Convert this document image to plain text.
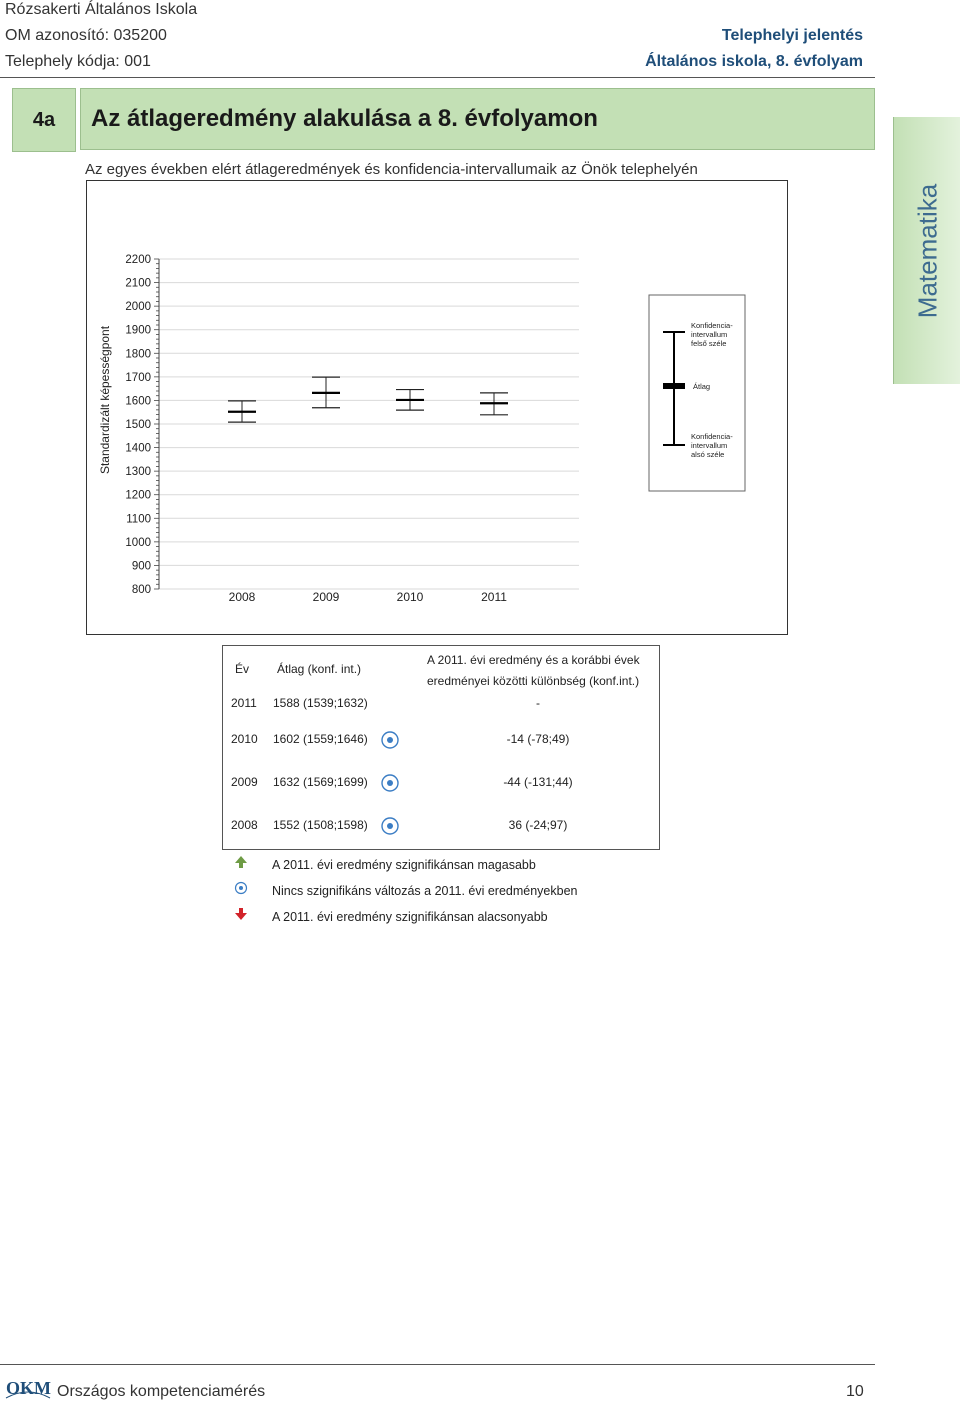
Rózsakerti Általános Iskola
OM azonosító: 035200
Telephely kódja: 001
Telephelyi jelentés
Általános iskola, 8. évfolyam
4a	Az átlageredmény alakulása a 8. évfolyamon
Matematika
Az egyes években elért átlageredmények és konfidencia-intervallumaik az Önök telephelyén
2200
2100
2000
1900
1800
1700
1600
1500
1400
1300
1200
1100
1000
900
800	2008	2009	2010	2011
Standardizált képességpont
Konfidencia-
intervallum
felső széle
Átlag
Konfidencia-
intervallum
alsó széle
Év Átlag (konf. int.)
A 2011. évi eredmény és a korábbi évek
eredményei közötti különbség (konf.int.)
2011 1588 (1539;1632)	-
2010 1602 (1559;1646)	-14 (-78;49)
2009 1632 (1569;1699)	-44 (-131;44)
2008 1552 (1508;1598)	36 (-24;97)
A 2011. évi eredmény szignifikánsan magasabb
Nincs szignifikáns változás a 2011. évi eredményekben
A 2011. évi eredmény szignifikánsan alacsonyabb
OKM Országos kompetenciamérés	10
